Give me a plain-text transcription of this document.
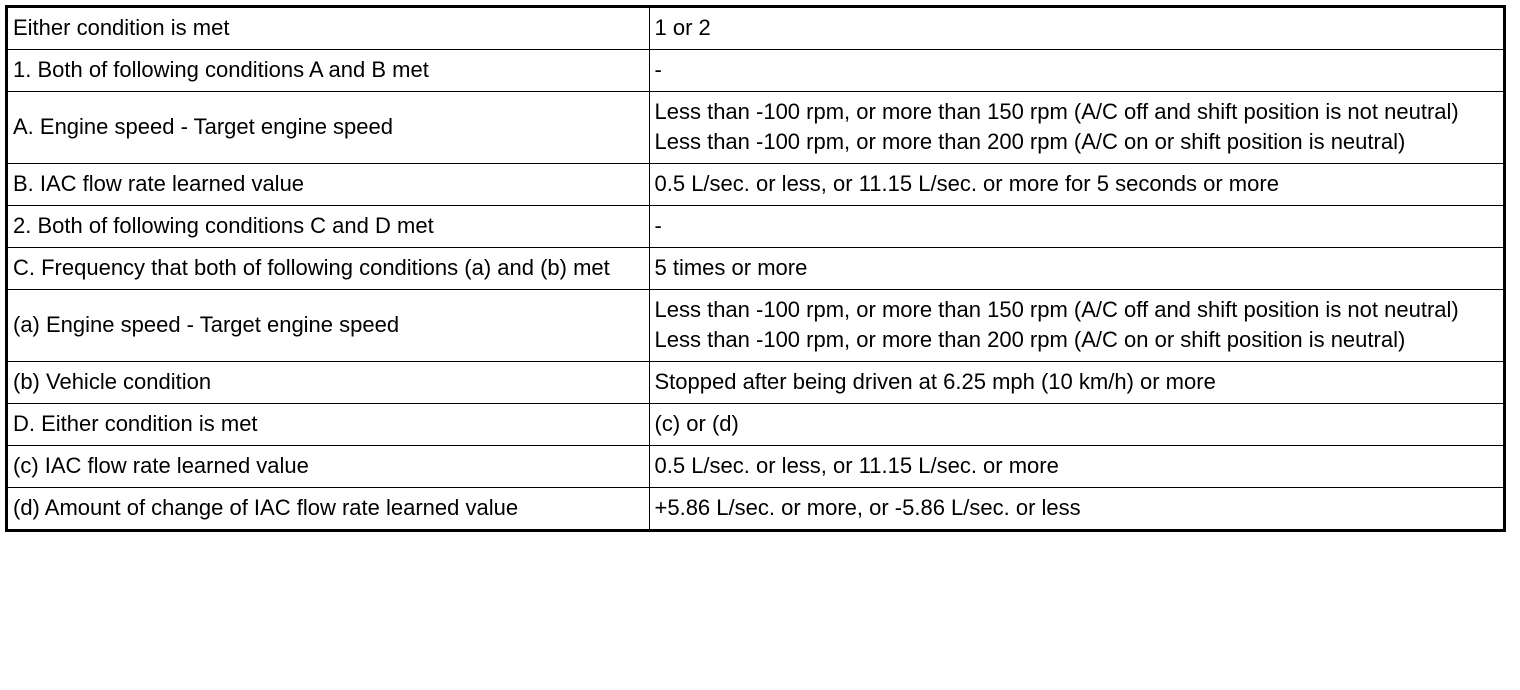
Either condition is met	1 or 2

1. Both of following conditions A and B met	-

A. Engine speed - Target engine speed	Less than -100 rpm, or more than 150 rpm (A/C off and shift position is not neutral)
Less than -100 rpm, or more than 200 rpm (A/C on or shift position is neutral)

B. IAC flow rate learned value	0.5 L/sec. or less, or 11.15 L/sec. or more for 5 seconds or more

2. Both of following conditions C and D met	-

C. Frequency that both of following conditions (a) and (b) met	5 times or more

(a) Engine speed - Target engine speed	Less than -100 rpm, or more than 150 rpm (A/C off and shift position is not neutral)
Less than -100 rpm, or more than 200 rpm (A/C on or shift position is neutral)

(b) Vehicle condition	Stopped after being driven at 6.25 mph (10 km/h) or more

D. Either condition is met	(c) or (d)

(c) IAC flow rate learned value	0.5 L/sec. or less, or 11.15 L/sec. or more

(d) Amount of change of IAC flow rate learned value	+5.86 L/sec. or more, or -5.86 L/sec. or less
